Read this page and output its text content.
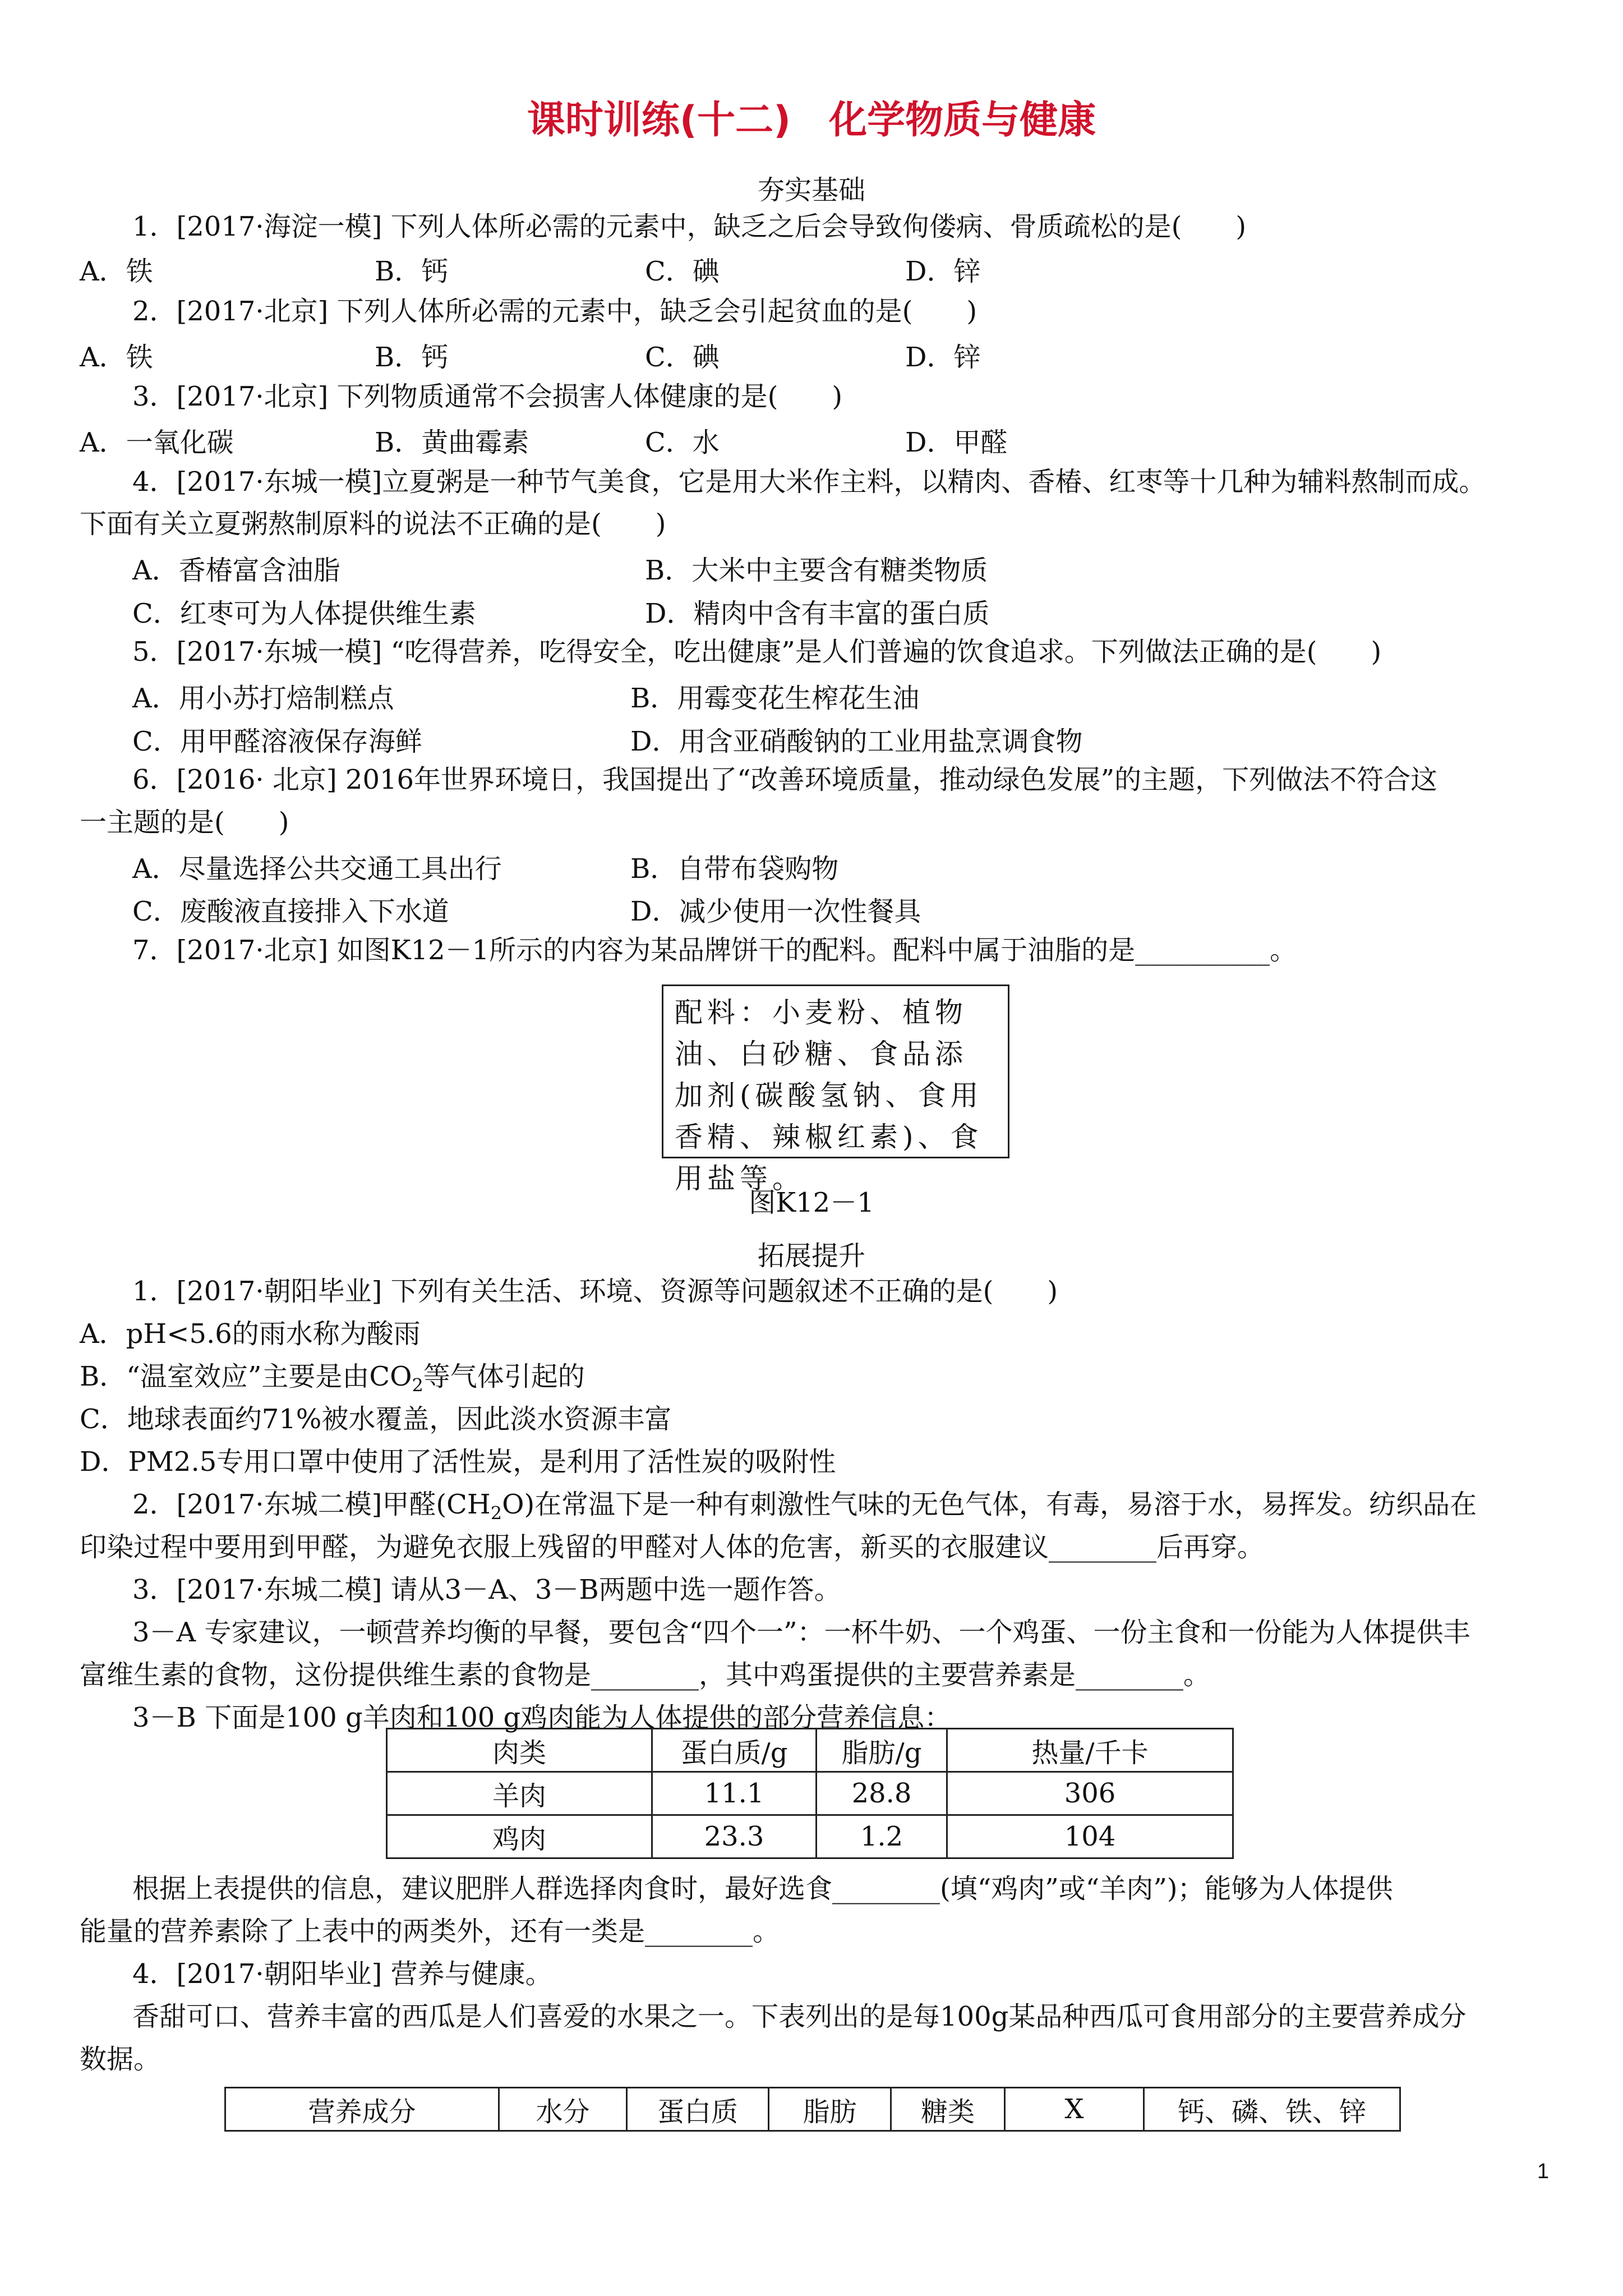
课时训练(十二)　化学物质与健康
夯实基础
1．[2017·海淀一模] 下列人体所必需的元素中，缺乏之后会导致佝偻病、骨质疏松的是(　　)
A．铁	B．钙	C．碘	D．锌
2．[2017·北京] 下列人体所必需的元素中，缺乏会引起贫血的是(　　)
A．铁	B．钙	C．碘	D．锌
3．[2017·北京] 下列物质通常不会损害人体健康的是(　　)
A．一氧化碳	B．黄曲霉素	C．水	D．甲醛
4．[2017·东城一模]立夏粥是一种节气美食，它是用大米作主料，以精肉、香椿、红枣等十几种为辅料熬制而成。
下面有关立夏粥熬制原料的说法不正确的是(　　)
A．香椿富含油脂	B．大米中主要含有糖类物质
C．红枣可为人体提供维生素	D．精肉中含有丰富的蛋白质
5．[2017·东城一模] “吃得营养，吃得安全，吃出健康”是人们普遍的饮食追求。下列做法正确的是(　　)
A．用小苏打焙制糕点	B．用霉变花生榨花生油
C．用甲醛溶液保存海鲜	D．用含亚硝酸钠的工业用盐烹调食物
6．[2016· 北京] 2016年世界环境日，我国提出了“改善环境质量，推动绿色发展”的主题，下列做法不符合这
一主题的是(　　)
A．尽量选择公共交通工具出行	B．自带布袋购物
C．废酸液直接排入下水道	D．减少使用一次性餐具
7．[2017·北京] 如图K12－1所示的内容为某品牌饼干的配料。配料中属于油脂的是__________。
配料：小麦粉、植物油、白砂糖、食品添加剂(碳酸氢钠、食用香精、辣椒红素)、食用盐等。
图K12－1
拓展提升
1．[2017·朝阳毕业] 下列有关生活、环境、资源等问题叙述不正确的是(　　)
A．pH<5.6的雨水称为酸雨
B．“温室效应”主要是由$CO_2$等气体引起的
C．地球表面约71%被水覆盖，因此淡水资源丰富
D．PM2.5专用口罩中使用了活性炭，是利用了活性炭的吸附性
2．[2017·东城二模]甲醛$(CH_2O)$在常温下是一种有刺激性气味的无色气体，有毒，易溶于水，易挥发。纺织品在
印染过程中要用到甲醛，为避免衣服上残留的甲醛对人体的危害，新买的衣服建议________后再穿。
3．[2017·东城二模] 请从3－A、3－B两题中选一题作答。
3－A 专家建议，一顿营养均衡的早餐，要包含“四个一”：一杯牛奶、一个鸡蛋、一份主食和一份能为人体提供丰
富维生素的食物，这份提供维生素的食物是________，其中鸡蛋提供的主要营养素是________。
3－B 下面是100 g羊肉和100 g鸡肉能为人体提供的部分营养信息：
肉类	蛋白质/g	脂肪/g	热量/千卡
羊肉	11.1	28.8	306
鸡肉	23.3	1.2	104
根据上表提供的信息，建议肥胖人群选择肉食时，最好选食________(填“鸡肉”或“羊肉”)；能够为人体提供
能量的营养素除了上表中的两类外，还有一类是________。
4．[2017·朝阳毕业] 营养与健康。
香甜可口、营养丰富的西瓜是人们喜爱的水果之一。下表列出的是每100g某品种西瓜可食用部分的主要营养成分
数据。
营养成分	水分	蛋白质	脂肪	糖类	X	钙、磷、铁、锌
1
